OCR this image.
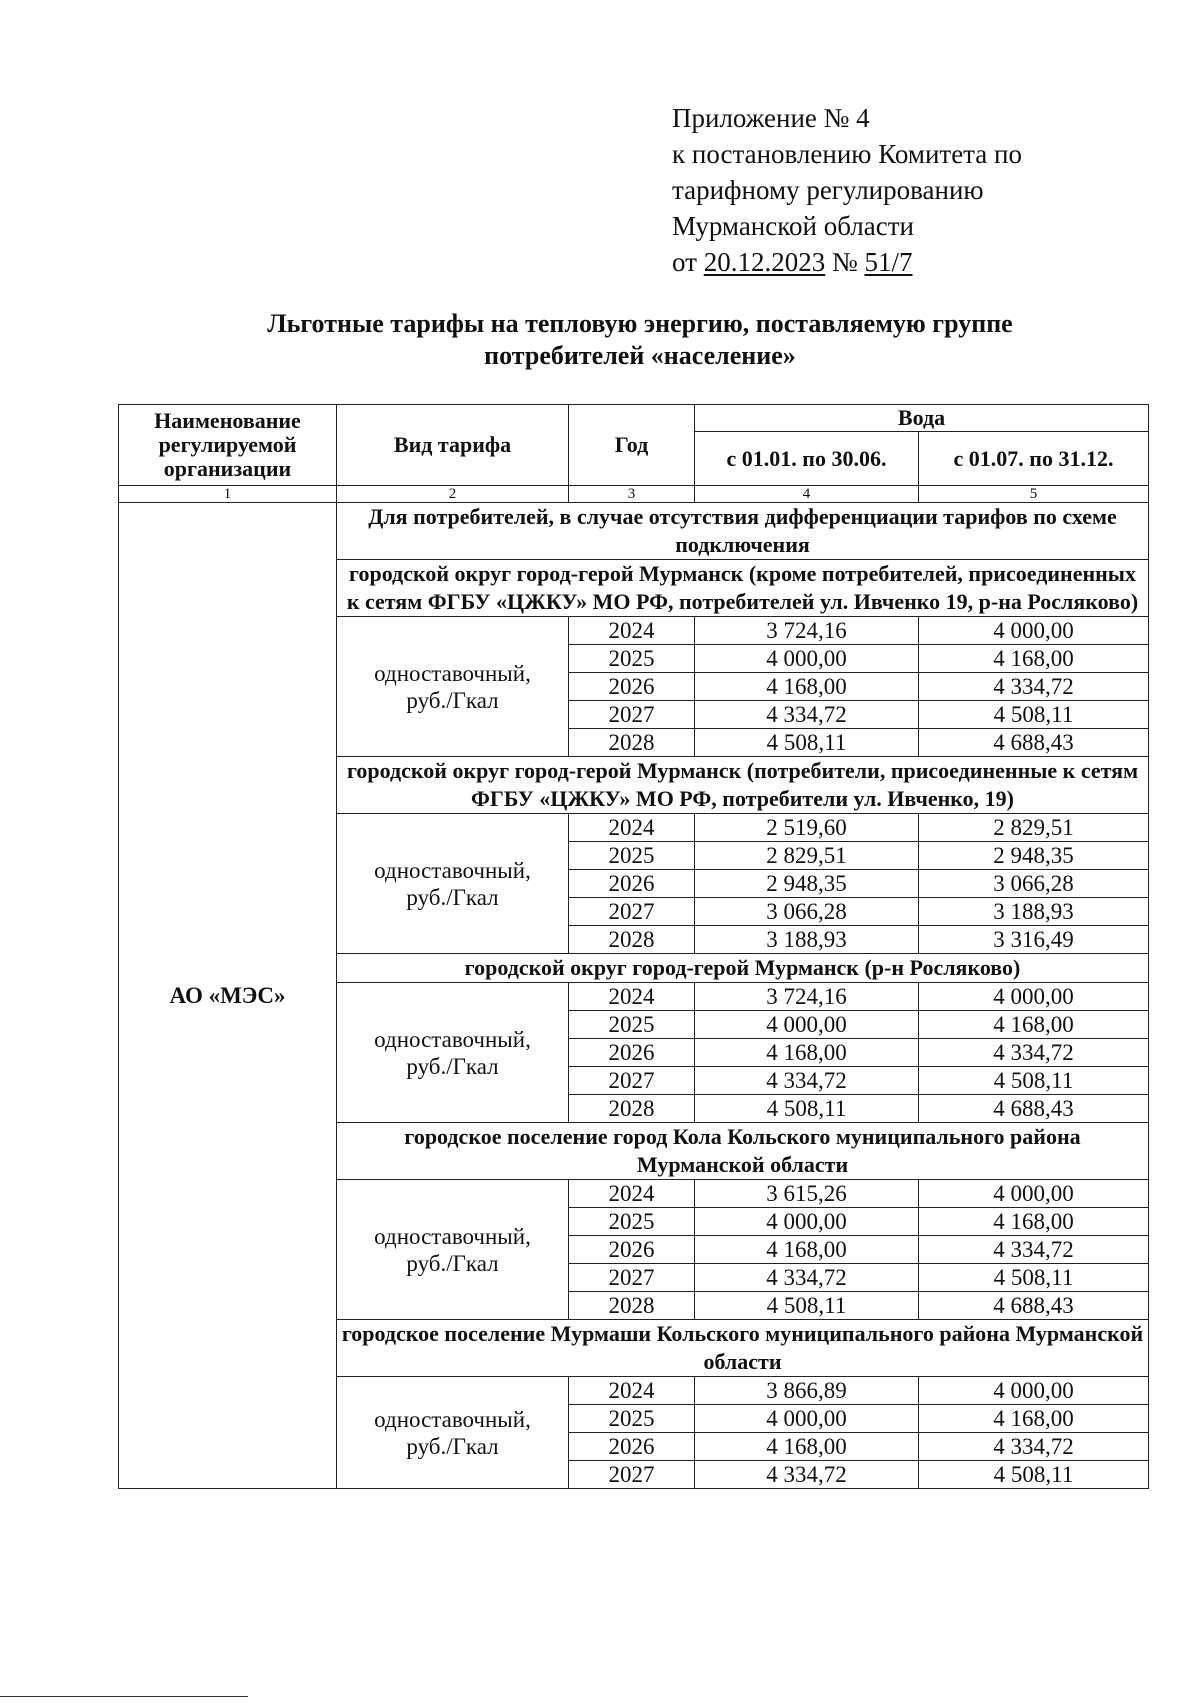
Приложение № 4
к постановлению Комитета по
тарифному регулированию
Мурманской области
от 20.12.2023 № 51/7
Льготные тарифы на тепловую энергию, поставляемую группе
потребителей «население»
Наименование
регулируемой
организации	Вид тарифа	Год	Вода	
			с 01.01. по 30.06.	с 01.07. по 31.12.
1	2	3	4	5
АО «МЭС»	Для потребителей, в случае отсутствия дифференциации тарифов по схеме подключения			
	городской округ город-герой Мурманск (кроме потребителей, присоединенных к сетям ФГБУ «ЦЖКУ» МО РФ, потребителей ул. Ивченко 19, р-на Росляково)			

	одноставочный,
руб./Гкал	2024	3 724,16	4 000,00
		2025	4 000,00	4 168,00
		2026	4 168,00	4 334,72
		2027	4 334,72	4 508,11
		2028	4 508,11	4 688,43
	городской округ город-герой Мурманск (потребители, присоединенные к сетям ФГБУ «ЦЖКУ» МО РФ, потребители ул. Ивченко, 19)			

	одноставочный,
руб./Гкал	2024	2 519,60	2 829,51
		2025	2 829,51	2 948,35
		2026	2 948,35	3 066,28
		2027	3 066,28	3 188,93
		2028	3 188,93	3 316,49
	городской округ город-герой Мурманск (р-н Росляково)			

	одноставочный,
руб./Гкал	2024	3 724,16	4 000,00
		2025	4 000,00	4 168,00
		2026	4 168,00	4 334,72
		2027	4 334,72	4 508,11
		2028	4 508,11	4 688,43
	городское поселение город Кола Кольского муниципального района Мурманской области			

	одноставочный,
руб./Гкал	2024	3 615,26	4 000,00
		2025	4 000,00	4 168,00
		2026	4 168,00	4 334,72
		2027	4 334,72	4 508,11
		2028	4 508,11	4 688,43
	городское поселение Мурмаши Кольского муниципального района Мурманской области			

	одноставочный,
руб./Гкал	2024	3 866,89	4 000,00
		2025	4 000,00	4 168,00
		2026	4 168,00	4 334,72
		2027	4 334,72	4 508,11
